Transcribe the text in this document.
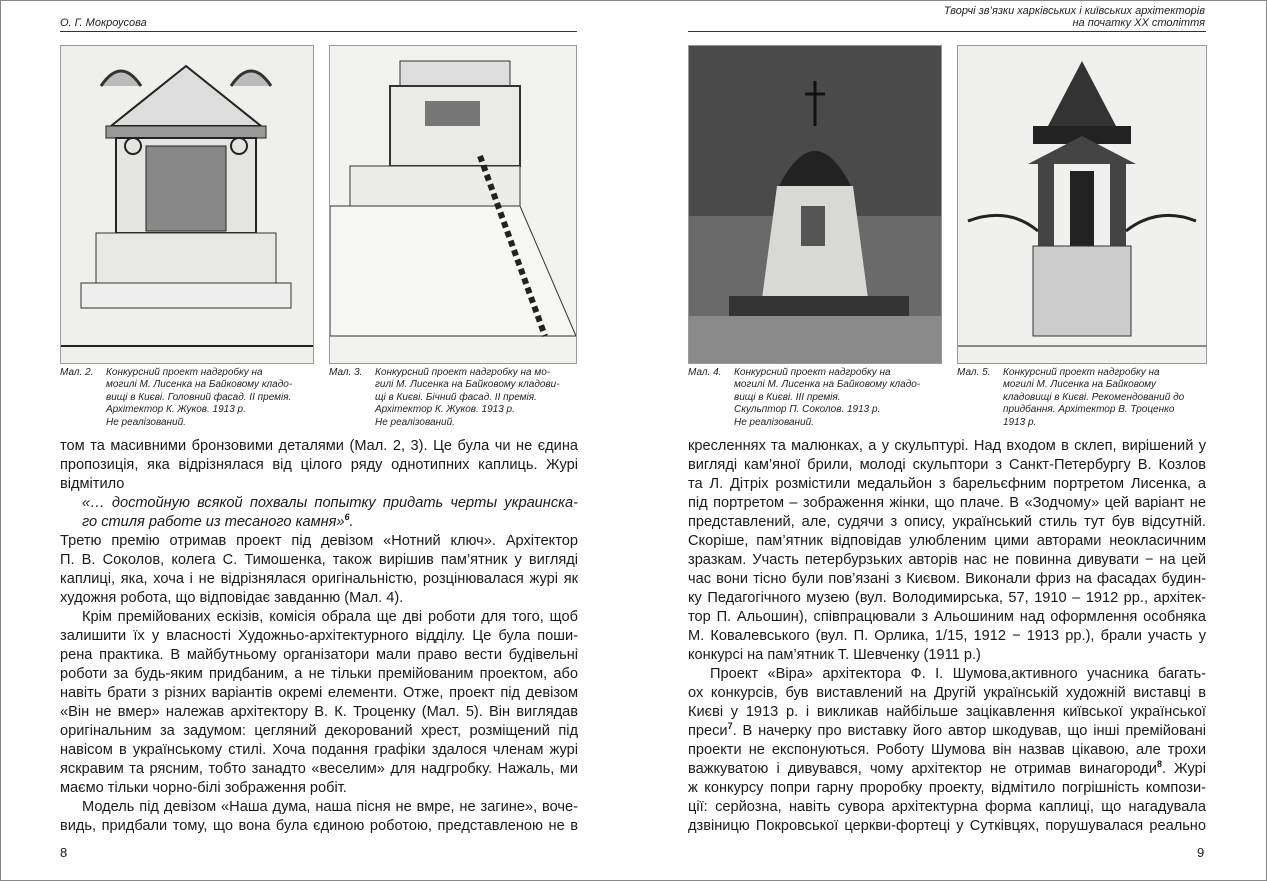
О. Г. Мокроусова
Творчі зв’язки харківських і київських архітекторів
на початку ХХ століття
Мал. 2. Конкурсний проект надгробку на
могилі М. Лисенка на Байковому кладо-
вищі в Києві. Головний фасад. II премія.
Архітектор К. Жуков. 1913 р.
Не реалізований.
Мал. 3. Конкурсний проект надгробку на мо-
гилі М. Лисенка на Байковому кладови-
щі в Києві. Бічний фасад. II премія.
Архітектор К. Жуков. 1913 р.
Не реалізований.
Мал. 4. Конкурсний проект надгробку на
могилі М. Лисенка на Байковому кладо-
вищі в Києві. III премія.
Скульптор П. Соколов. 1913 р.
Не реалізований.
Мал. 5. Конкурсний проект надгробку на
могилі М. Лисенка на Байковому
кладовищі в Києві. Рекомендований до
придбання. Архітектор В. Троценко
1913 р.
том та масивними бронзовими деталями (Мал. 2, 3). Це була чи не єдина
пропозиція, яка відрізнялася від цілого ряду однотипних каплиць. Журі
відмітило
«… достойную всякой похвалы попытку придать черты украинска-
го стиля работе из тесаного камня»$^6$.
Третю премію отримав проект під девізом «Нотний ключ». Архітектор
П. В. Соколов, колега С. Тимошенка, також вирішив пам’ятник у вигляді
каплиці, яка, хоча і не відрізнялася оригінальністю, розцінювалася журі як
художня робота, що відповідає завданню (Мал. 4).
Крім премійованих ескізів, комісія обрала ще дві роботи для того, щоб
залишити їх у власності Художньо-архітектурного відділу. Це була поши-
рена практика. В майбутньому організатори мали право вести будівельні
роботи за будь-яким придбаним, а не тільки премійованим проектом, або
навіть брати з різних варіантів окремі елементи. Отже, проект під девізом
«Він не вмер» належав архітектору В. К. Троценку (Мал. 5). Він виглядав
оригінальним за задумом: цегляний декорований хрест, розміщений під
навісом в українському стилі. Хоча подання графіки здалося членам журі
яскравим та рясним, тобто занадто «веселим» для надгробку. Нажаль, ми
маємо тільки чорно-білі зображення робіт.
Модель під девізом «Наша дума, наша пісня не вмре, не загине», воче-
видь, придбали тому, що вона була єдиною роботою, представленою не в
кресленнях та малюнках, а у скульптурі. Над входом в склеп, вирішений у
вигляді кам’яної брили, молоді скульптори з Санкт-Петербургу В. Козлов
та Л. Дітріх розмістили медальйон з барельєфним портретом Лисенка, а
під портретом – зображення жінки, що плаче. В «Зодчому» цей варіант не
представлений, але, судячи з опису, український стиль тут був відсутній.
Скоріше, пам’ятник відповідав улюбленим цими авторами неокласичним
зразкам. Участь петербурзьких авторів нас не повинна дивувати − на цей
час вони тісно були пов’язані з Києвом. Виконали фриз на фасадах будин-
ку Педагогічного музею (вул. Володимирська, 57, 1910 – 1912 рр., архітек-
тор П. Альошин), співпрацювали з Альошиним над оформлення особняка
М. Ковалевського (вул. П. Орлика, 1/15, 1912 − 1913 рр.), брали участь у
конкурсі на пам’ятник Т. Шевченку (1911 р.)
Проект «Віра» архітектора Ф. І. Шумова,активного учасника багать-
ох конкурсів, був виставлений на Другій українській художній виставці в
Києві у 1913 р. і викликав найбільше зацікавлення київської української
преси$^7$. В начерку про виставку його автор шкодував, що інші премійовані
проекти не експонуються. Роботу Шумова він назвав цікавою, але трохи
важкуватою і дивувався, чому архітектор не отримав винагороди$^8$. Журі
ж конкурсу попри гарну проробку проекту, відмітило погрішність компози-
ції: серйозна, навіть сувора архітектурна форма каплиці, що нагадувала
дзвіницю Покровської церкви-фортеці у Сутківцях, порушувалася реально
8	9
